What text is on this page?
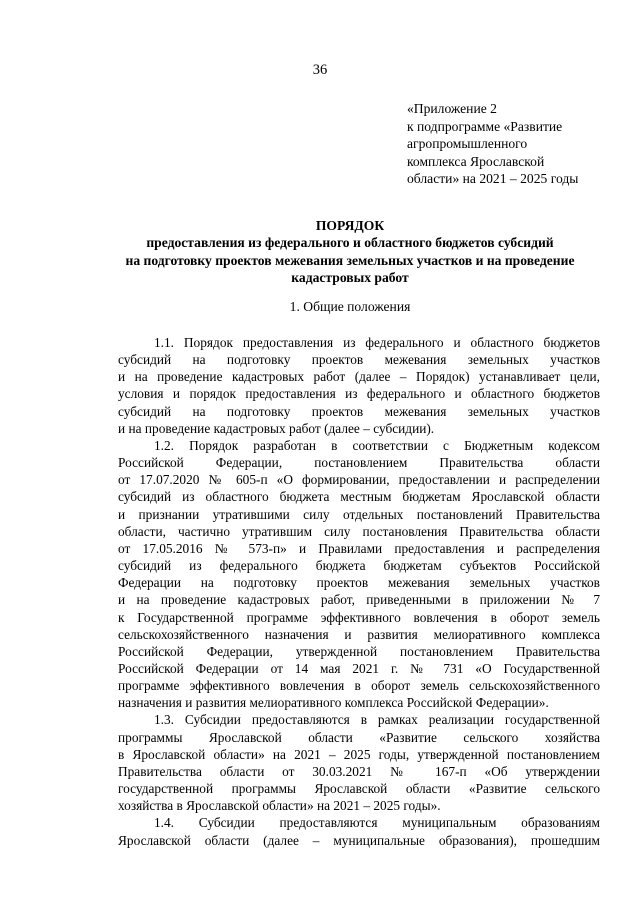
36
«Приложение 2
к подпрограмме «Развитие
агропромышленного
комплекса Ярославской
области» на 2021 – 2025 годы
ПОРЯДОК
предоставления из федерального и областного бюджетов субсидий
на подготовку проектов межевания земельных участков и на проведение
кадастровых работ
1. Общие положения
1.1. Порядок предоставления из федерального и областного бюджетов
субсидий на подготовку проектов межевания земельных участков
и на проведение кадастровых работ (далее – Порядок) устанавливает цели,
условия и порядок предоставления из федерального и областного бюджетов
субсидий на подготовку проектов межевания земельных участков
и на проведение кадастровых работ (далее – субсидии).
1.2. Порядок разработан в соответствии с Бюджетным кодексом
Российской Федерации, постановлением Правительства области
от 17.07.2020 № 605-п «О формировании, предоставлении и распределении
субсидий из областного бюджета местным бюджетам Ярославской области
и признании утратившими силу отдельных постановлений Правительства
области, частично утратившим силу постановления Правительства области
от 17.05.2016 № 573-п» и Правилами предоставления и распределения
субсидий из федерального бюджета бюджетам субъектов Российской
Федерации на подготовку проектов межевания земельных участков
и на проведение кадастровых работ, приведенными в приложении № 7
к Государственной программе эффективного вовлечения в оборот земель
сельскохозяйственного назначения и развития мелиоративного комплекса
Российской Федерации, утвержденной постановлением Правительства
Российской Федерации от 14 мая 2021 г. № 731 «О Государственной
программе эффективного вовлечения в оборот земель сельскохозяйственного
назначения и развития мелиоративного комплекса Российской Федерации».
1.3. Субсидии предоставляются в рамках реализации государственной
программы Ярославской области «Развитие сельского хозяйства
в Ярославской области» на 2021 – 2025 годы, утвержденной постановлением
Правительства области от 30.03.2021 № 167-п «Об утверждении
государственной программы Ярославской области «Развитие сельского
хозяйства в Ярославской области» на 2021 – 2025 годы».
1.4. Субсидии предоставляются муниципальным образованиям
Ярославской области (далее – муниципальные образования), прошедшим
